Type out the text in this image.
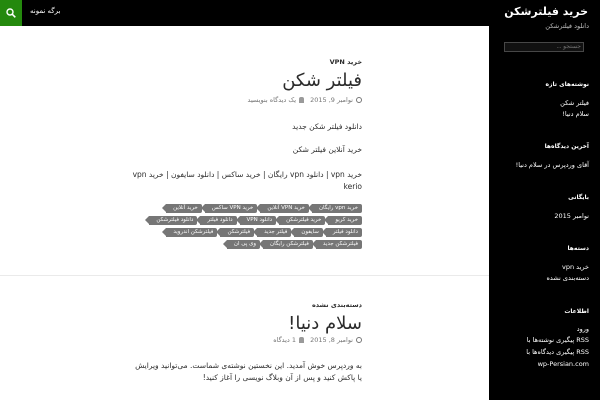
برگه نمونه	خرید فیلترشکن
دانلود فیلترشکن
جستجو ...
نوشته‌های تازه
فیلتر شکن
سلام دنیا!
آخرین دیدگاه‌ها
آقای وردپرس در سلام دنیا!
بایگانی
نوامبر 2015
دسته‌ها
خرید vpn
دسته‌بندی نشده
اطلاعات
ورود
RSS پیگیری نوشته‌ها با
RSS پیگیری دیدگاه‌ها با
wp-Persian.com
خرید VPN
فیلتر شکن
نوامبر 9, 2015 یک دیدگاه بنویسید
دانلود فیلتر شکن جدید
خرید آنلاین فیلتر شکن
خرید vpn | دانلود vpn رایگان | خرید ساکس | دانلود سایفون | خرید vpn kerio
خرید vpn رایگان
خرید VPN آنلاین
خرید VPN ساکس
خرید آنلاین
خرید کریو
خرید فیلترشکن
دانلود VPN
دانلود فیلتر
دانلود فیلترشکن
دانلود فیلتر
سایفون
فیلتر جدید
فیلترشکن
فیلترشکن اندروید
فیلترشکن جدید
فیلترشکن رایگان
وی پی ان
دسته‌بندی نشده
سلام دنیا!
نوامبر 8, 2015 1 دیدگاه
به وردپرس خوش آمدید. این نخستین نوشته‌ی شماست. می‌توانید ویرایش یا پاکش کنید و پس از آن وبلاگ نویسی را آغاز کنید!
